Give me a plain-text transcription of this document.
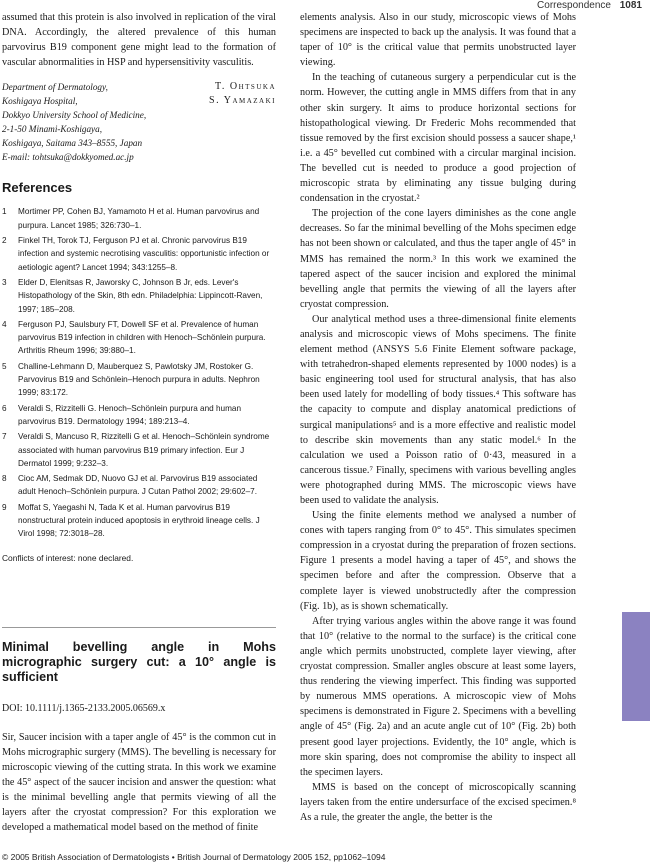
Correspondence 1081

assumed that this protein is also involved in replication of the viral DNA. Accordingly, the altered prevalence of this human parvovirus B19 component gene might lead to the formation of vascular abnormalities in HSP and hypersensitivity vasculitis.

Department of Dermatology,
Koshigaya Hospital,
Dokkyo University School of Medicine,
2-1-50 Minami-Koshigaya,
Koshigaya, Saitama 343–8555, Japan
E-mail: tohtsuka@dokkyomed.ac.jp
T. Ohtsuka
S. Yamazaki
References
1 Mortimer PP, Cohen BJ, Yamamoto H et al. Human parvovirus and purpura. Lancet 1985; 326:730–1.
2 Finkel TH, Torok TJ, Ferguson PJ et al. Chronic parvovirus B19 infection and systemic necrotising vasculitis: opportunistic infection or aetiologic agent? Lancet 1994; 343:1255–8.
3 Elder D, Elenitsas R, Jaworsky C, Johnson B Jr, eds. Lever's Histopathology of the Skin, 8th edn. Philadelphia: Lippincott-Raven, 1997; 185–208.
4 Ferguson PJ, Saulsbury FT, Dowell SF et al. Prevalence of human parvovirus B19 infection in children with Henoch–Schönlein purpura. Arthritis Rheum 1996; 39:880–1.
5 Challine-Lehmann D, Mauberquez S, Pawlotsky JM, Rostoker G. Parvovirus B19 and Schönlein–Henoch purpura in adults. Nephron 1999; 83:172.
6 Veraldi S, Rizzitelli G. Henoch–Schönlein purpura and human parvovirus B19. Dermatology 1994; 189:213–4.
7 Veraldi S, Mancuso R, Rizzitelli G et al. Henoch–Schönlein syndrome associated with human parvovirus B19 primary infection. Eur J Dermatol 1999; 9:232–3.
8 Cioc AM, Sedmak DD, Nuovo GJ et al. Parvovirus B19 associated adult Henoch–Schönlein purpura. J Cutan Pathol 2002; 29:602–7.
9 Moffat S, Yaegashi N, Tada K et al. Human parvovirus B19 nonstructural protein induced apoptosis in erythroid lineage cells. J Virol 1998; 72:3018–28.
Conflicts of interest: none declared.
Minimal bevelling angle in Mohs micrographic surgery cut: a 10° angle is sufficient
DOI: 10.1111/j.1365-2133.2005.06569.x

Sir, Saucer incision with a taper angle of 45° is the common cut in Mohs micrographic surgery (MMS). The bevelling is necessary for microscopic viewing of the cutting strata. In this work we examine the 45° aspect of the saucer incision and answer the question: what is the minimal bevelling angle that permits viewing of all the layers after the cryostat compression? For this exploration we developed a mathematical model based on the method of finite

elements analysis. Also in our study, microscopic views of Mohs specimens are inspected to back up the analysis. It was found that a taper of 10° is the critical value that permits unobstructed layer viewing.

In the teaching of cutaneous surgery a perpendicular cut is the norm. However, the cutting angle in MMS differs from that in any other skin surgery. It aims to produce horizontal sections for histopathological viewing. Dr Frederic Mohs recommended that tissue removed by the first excision should possess a saucer shape,¹ i.e. a 45° bevelled cut combined with a circular marginal incision. The bevelled cut is needed to produce a good projection of microscopic strata by eliminating any tissue bulging during condensation in the cryostat.²

The projection of the cone layers diminishes as the cone angle decreases. So far the minimal bevelling of the Mohs specimen edge has not been shown or calculated, and thus the taper angle of 45° in MMS has remained the norm.³ In this work we examined the tapered aspect of the saucer incision and explored the minimal bevelling angle that permits the viewing of all the layers after cryostat compression.

Our analytical method uses a three-dimensional finite elements analysis and microscopic views of Mohs specimens. The finite element method (ANSYS 5.6 Finite Element software package, with tetrahedron-shaped elements represented by 1000 nodes) is a basic engineering tool used for structural analysis, that has also been used lately for modelling of body tissues.⁴ This software has the capacity to compute and display anatomical predictions of surgical manipulations⁵ and is a more effective and realistic model to describe skin movements than any static model.⁶ In the calculation we used a Poisson ratio of 0·43, measured in a cancerous tissue.⁷ Finally, specimens with various bevelling angles were photographed during MMS. The microscopic views have been used to validate the analysis.

Using the finite elements method we analysed a number of cones with tapers ranging from 0° to 45°. This simulates specimen compression in a cryostat during the preparation of frozen sections. Figure 1 presents a model having a taper of 45°, and shows the specimen before and after the compression. Observe that a complete layer is viewed unobstructedly after the compression (Fig. 1b), as is shown schematically.

After trying various angles within the above range it was found that 10° (relative to the normal to the surface) is the critical cone angle which permits unobstructed, complete layer viewing, after cryostat compression. Smaller angles obscure at least some layers, thus rendering the viewing imperfect. This finding was supported by numerous MMS operations. A microscopic view of Mohs specimens is demonstrated in Figure 2. Specimens with a bevelling angle of 45° (Fig. 2a) and an acute angle cut of 10° (Fig. 2b) both present good layer projections. Evidently, the 10° angle, which is more skin sparing, does not compromise the ability to inspect all the specimen layers.

MMS is based on the concept of microscopically scanning layers taken from the entire undersurface of the excised specimen.⁸ As a rule, the greater the angle, the better is the

© 2005 British Association of Dermatologists • British Journal of Dermatology 2005 152, pp1062–1094
